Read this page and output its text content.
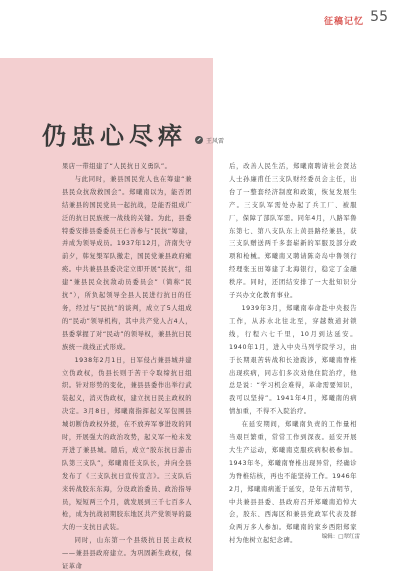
征稿记忆 55
仍忠心尽瘁	王风雷

果店一带组建了“人民抗日义勇队”。

与此同时，兼县国民党人也在筹建“兼县民众抗敌救国会”。郑曦南以为，能否团结兼县的国民党员一起抗战，是能否组成广泛的抗日民族统一战线的关键。为此，县委特委安排县委委员王仁善参与“民抗”筹建，并成为领导成员。1937年12月，济南失守前夕，韩复榘军队撤走，国民党兼县政府瘫痪。中共兼县县委决定立即开展“民抗”，组建“兼县民众抗敌动员委员会”（简称“民抗”），所负起领导全县人民进行抗日的任务，经过与“民抗”的谈判，成立了5人组成的“民动”领导机构，其中共产党人占4人，县委掌握了对“民动”的领导权，兼县抗日民族统一战线正式形成。

1938年2月1日，日军侵占兼县城并建立伪政权，伪县长则于苦干令取缔抗日组织。针对形势的变化，兼县县委作出举行武装起义，消灭伪政权，建立抗日民主政权的决定。3月8日，郑曦南指挥起义军包围县城切断伪政权外援，在不放弃军事进攻的同时，开展强大的政治攻势，起义军一枪未发开进了兼县城。随后，成立“胶东抗日游击队第三支队”，郑曦南任支队长，并向全县发布了《三支队抗日宣传宣言》。三支队后来转战胶东东海，分设政治委员、政治指导员，短短两三个月，就发展到三千七百多人枪，成为抗战初期胶东地区共产党领导的最大的一支抗日武装。

同时，山东第一个县级抗日民主政权——兼县县政府建立。为巩固新生政权，保证革命

后，改善人民生活，郑曦南聘请社会贤达人士孙廉甫任三支队财经委员会主任，出台了一整套经济制度和政策，恢复发展生产。三支队军需处办起了兵工厂、被服厂，保障了部队军需。同年4月，八路军鲁东第七、第八支队东上黄县路经兼县，获三支队赠送两千多套崭新的军服及部分政项和枪械。郑曦南又聘请陈奇岛中鲁领行经理张玉田筹建了北海银行，稳定了金融秩序。同时，还团结安排了一大批知识分子兴办文化教育事业。

1939年3月，郑曦南奉命赴中央报告工作，从苏水北往北至，穿越数道封锁线，行程六七千里，10月到达延安。1940年1月，进入中央马列学院学习，由于长期艰苦转战和长途跋涉，郑曦南脊椎出现疾病，同志们多次劝他住院治疗，他总是说：“学习机会难得，革命需要知识，我可以坚持”。1941年4月，郑曦南的病情加重，不得不入院治疗。

在延安期间，郑曦南负责的工作量相当艰巨繁重，常常工作到深夜。延安开展大生产运动，郑曦南克服疾病积极参加。1943年冬，郑曦南脊椎出现异常，经确诊为脊椎结核，再也不能坚持工作。1946年2月，郑曦南病逝于延安，是年五清明节，中共兼县县委、县政府召开郑曦南追悼大会，胶东、西海区和兼县党政军代表及群众两万多人参加。郑曦南的家乡西阳郑家村为他树立起纪念碑。

编辑：□翠红雷
